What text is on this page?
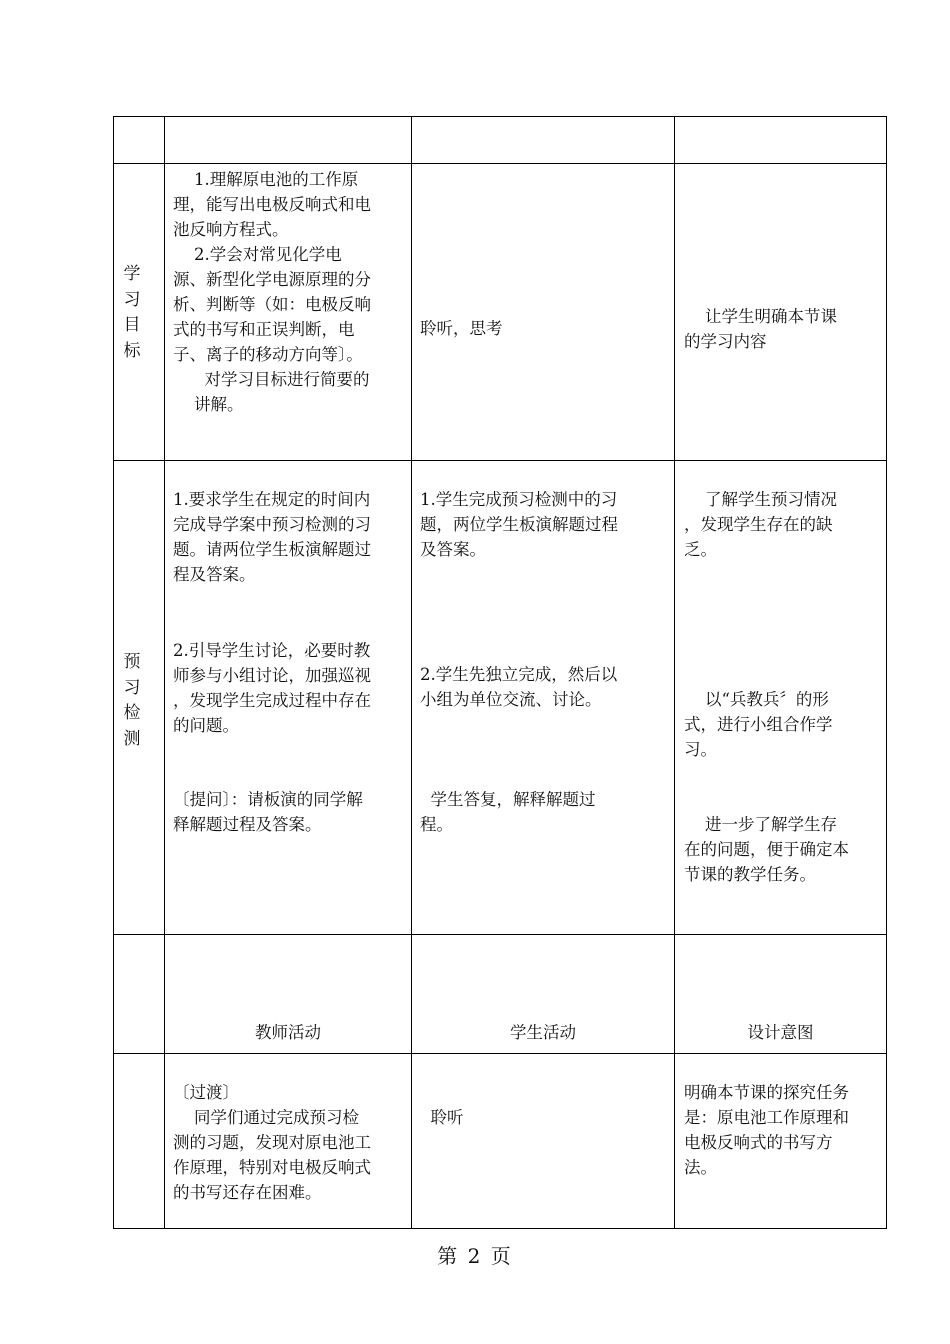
学
习
目
标

1.理解原电池的工作原

理，能写出电极反响式和电

池反响方程式。

2.学会对常见化学电

源、新型化学电源原理的分

析、判断等（如：电极反响

式的书写和正误判断，电

子、离子的移动方向等〕。

对学习目标进行简要的

讲解。

聆听，思考

让学生明确本节课

的学习内容

预
习
检
测

1.要求学生在规定的时间内

完成导学案中预习检测的习

题。请两位学生板演解题过

程及答案。

2.引导学生讨论，必要时教

师参与小组讨论，加强巡视

，发现学生完成过程中存在

的问题。

〔提问〕：请板演的同学解

释解题过程及答案。

1.学生完成预习检测中的习

题，两位学生板演解题过程

及答案。

2.学生先独立完成，然后以

小组为单位交流、讨论。

学生答复，解释解题过

程。

了解学生预习情况

，发现学生存在的缺

乏。

以“兵教兵〞的形

式，进行小组合作学

习。

进一步了解学生存

在的问题，便于确定本

节课的教学任务。

教师活动	学生活动	设计意图

〔过渡〕

同学们通过完成预习检

测的习题，发现对原电池工

作原理，特别对电极反响式

的书写还存在困难。

聆听

明确本节课的探究任务

是：原电池工作原理和

电极反响式的书写方

法。

第 2 页
